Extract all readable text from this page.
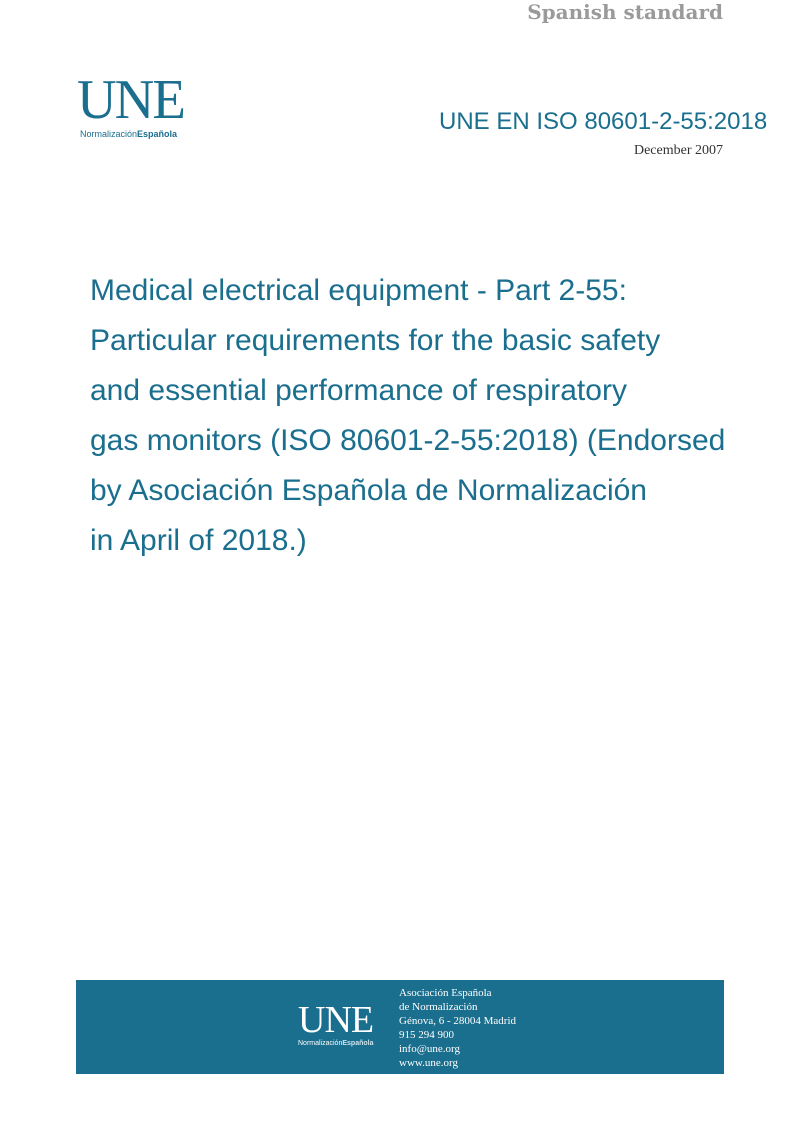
UNE
NormalizaciónEspañola
Spanish standard
UNE EN ISO 80601-2-55:2018
December 2007
Medical electrical equipment - Part 2-55:
Particular requirements for the basic safety
and essential performance of respiratory
gas monitors (ISO 80601-2-55:2018) (Endorsed
by Asociación Española de Normalización
in April of 2018.)
UNE
NormalizaciónEspañola
Asociación Española
de Normalización
Génova, 6 - 28004 Madrid
915 294 900
info@une.org
www.une.org
